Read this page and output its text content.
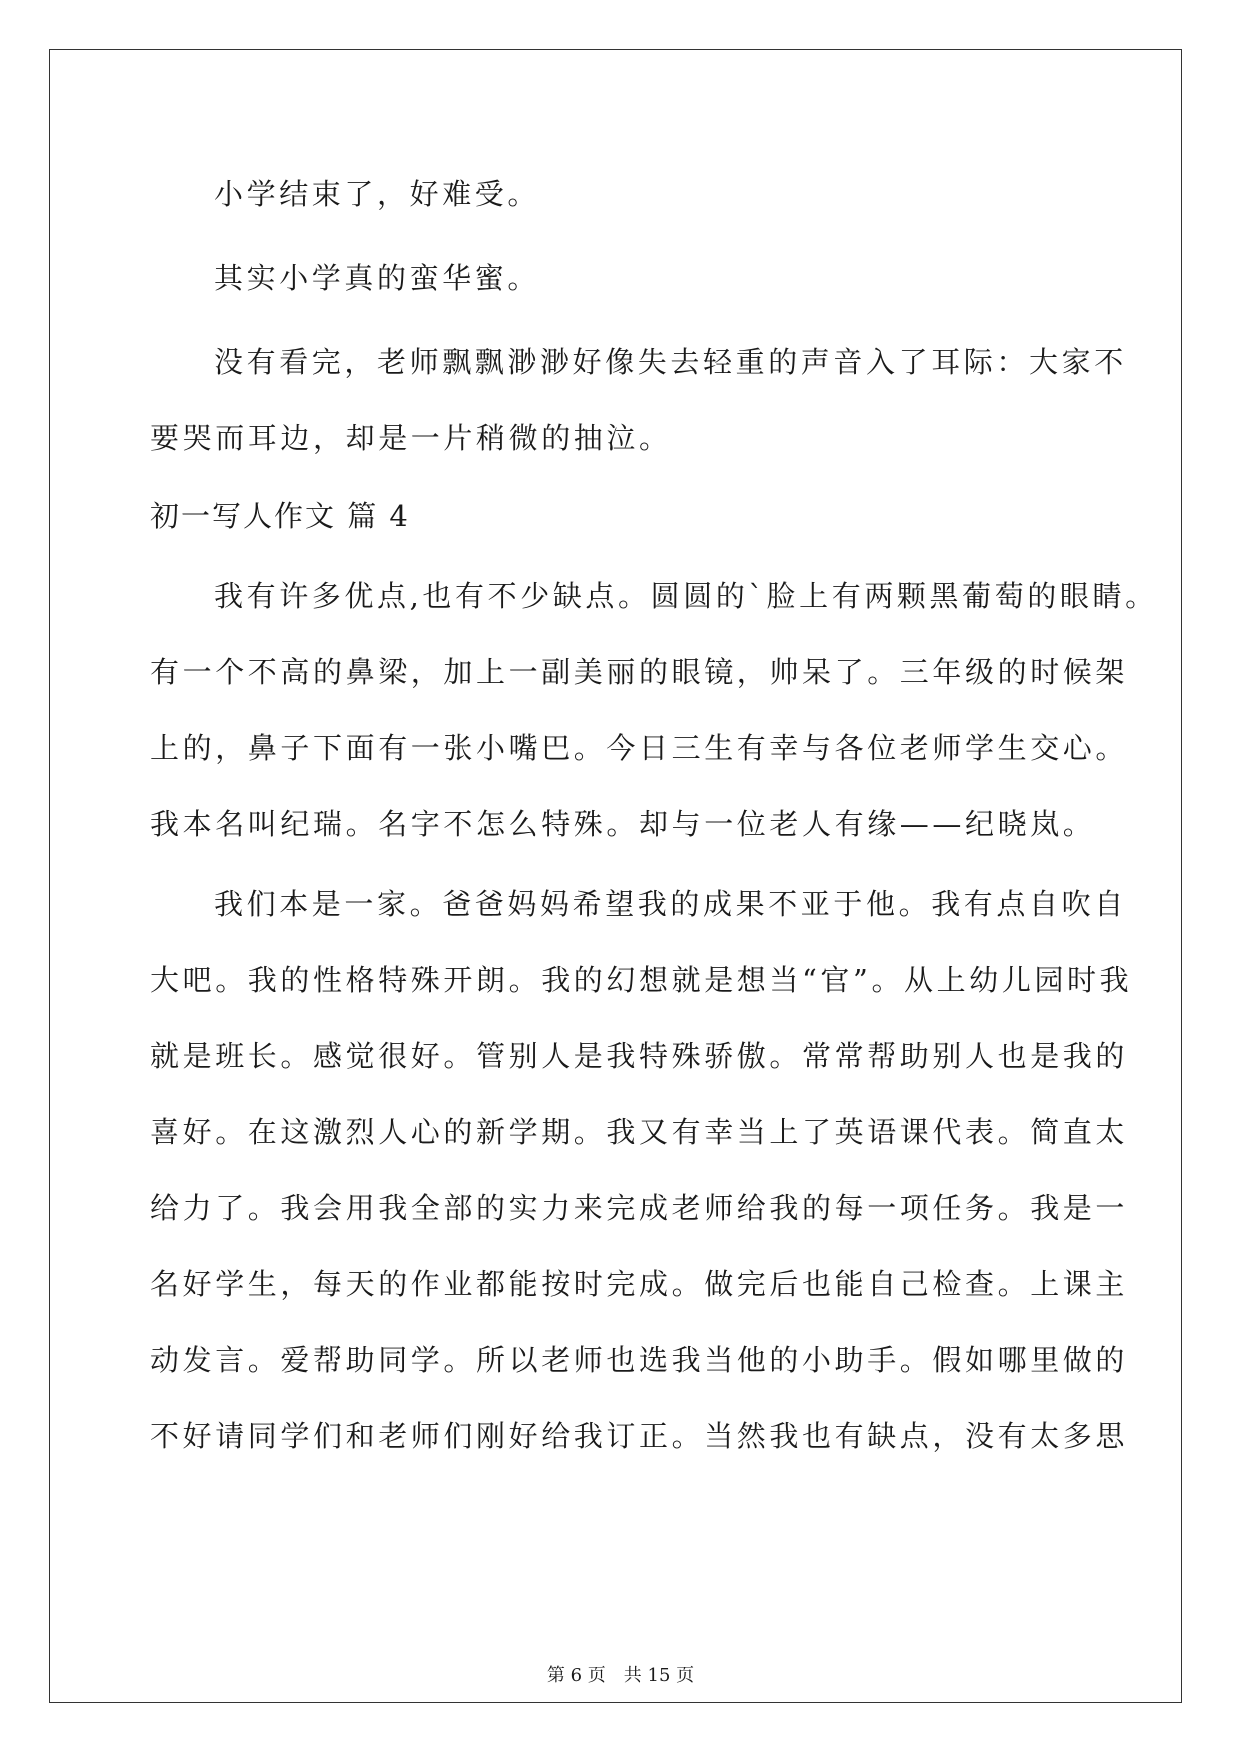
小学结束了，好难受。

其实小学真的蛮华蜜。

没有看完，老师飘飘渺渺好像失去轻重的声音入了耳际：大家不

要哭而耳边，却是一片稍微的抽泣。

初一写人作文 篇 4

我有许多优点,也有不少缺点。圆圆的`脸上有两颗黑葡萄的眼睛。

有一个不高的鼻梁，加上一副美丽的眼镜，帅呆了。三年级的时候架

上的，鼻子下面有一张小嘴巴。今日三生有幸与各位老师学生交心。

我本名叫纪瑞。名字不怎么特殊。却与一位老人有缘——纪晓岚。

我们本是一家。爸爸妈妈希望我的成果不亚于他。我有点自吹自

大吧。我的性格特殊开朗。我的幻想就是想当“官”。从上幼儿园时我

就是班长。感觉很好。管别人是我特殊骄傲。常常帮助别人也是我的

喜好。在这激烈人心的新学期。我又有幸当上了英语课代表。简直太

给力了。我会用我全部的实力来完成老师给我的每一项任务。我是一

名好学生，每天的作业都能按时完成。做完后也能自己检查。上课主

动发言。爱帮助同学。所以老师也选我当他的小助手。假如哪里做的

不好请同学们和老师们刚好给我订正。当然我也有缺点，没有太多思

第 6 页 共 15 页
